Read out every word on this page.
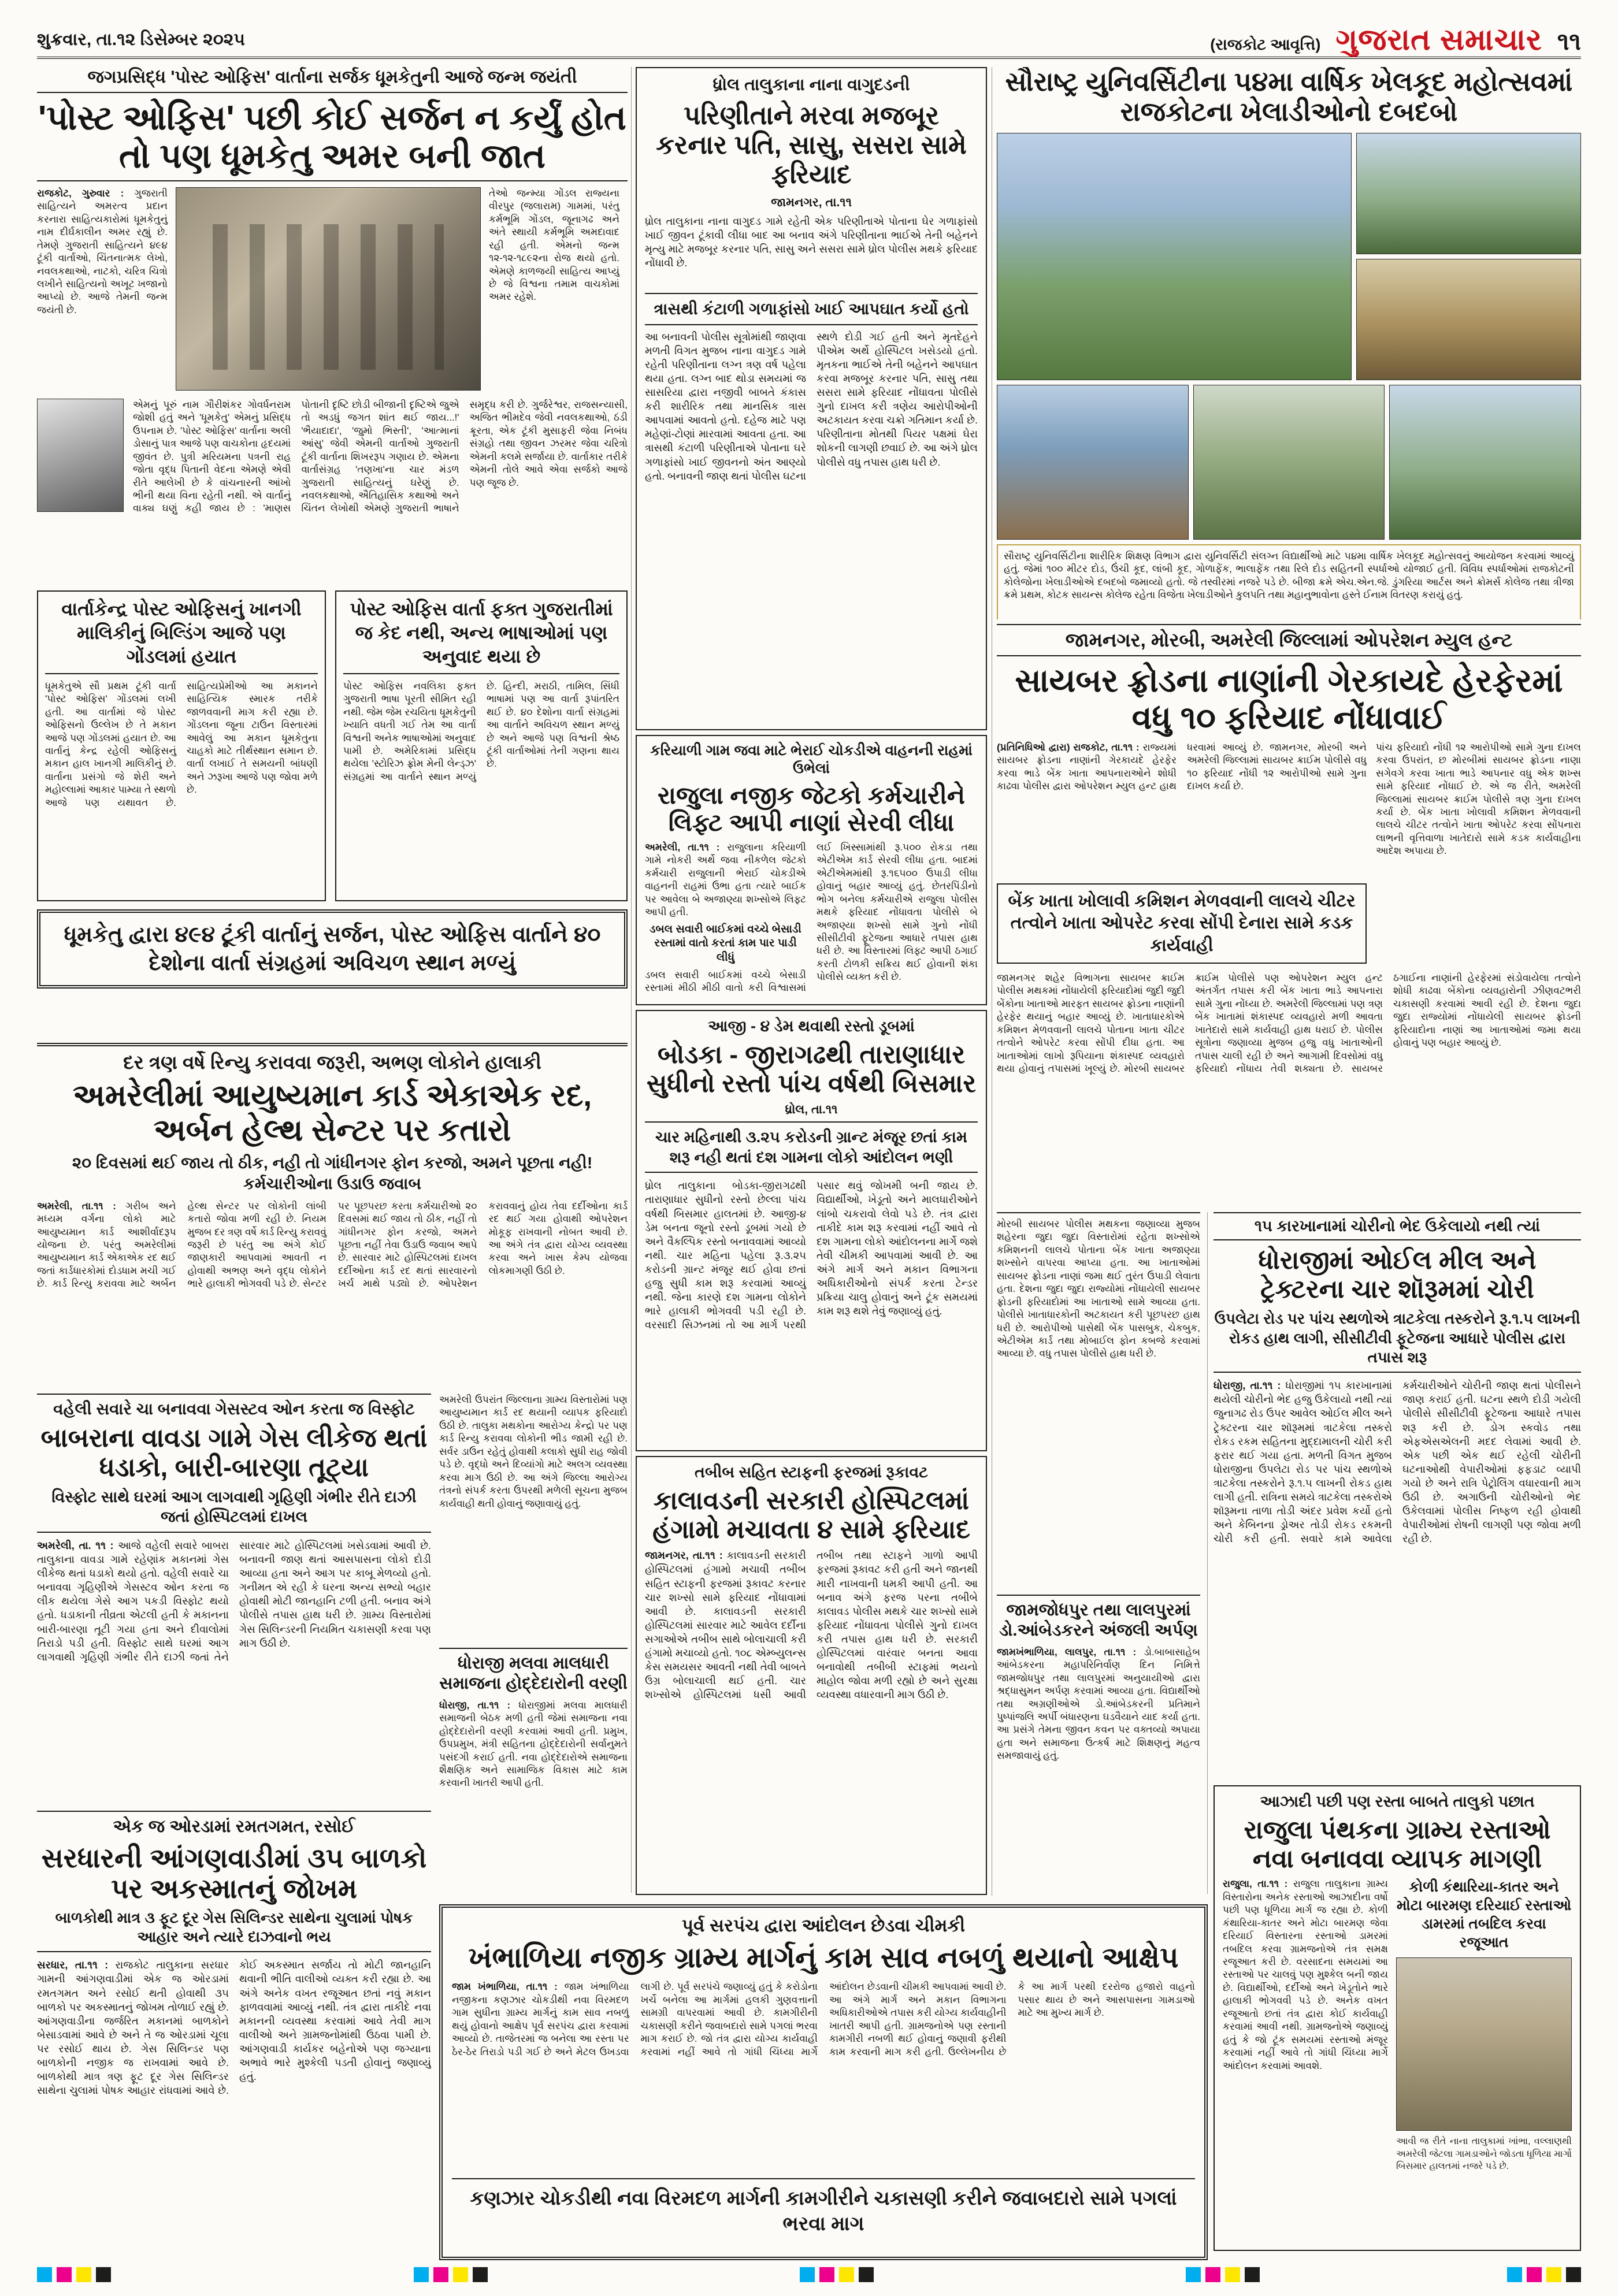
શુક્રવાર, તા.૧૨ ડિસેમ્બર ૨૦૨૫	(રાજકોટ આવૃત્તિ) ગુજરાત સમાચાર ૧૧
જગપ્રસિદ્ધ 'પોસ્ટ ઓફિસ' વાર્તાના સર્જક ધૂમકેતુની આજે જન્મ જયંતી
'પોસ્ટ ઓફિસ' પછી કોઈ સર્જન ન કર્યું હોત તો પણ ધૂમકેતુ અમર બની જાત
રાજકોટ, ગુરુવાર : ગુજરાતી સાહિત્યને અમરત્વ પ્રદાન કરનારા સાહિત્યકારોમાં ધૂમકેતુનું નામ દીર્ઘકાલીન અમર રહ્યું છે. તેમણે ગુજરાતી સાહિત્યને ૪૯૪ ટૂંકી વાર્તાઓ, ચિંતનાત્મક લેખો, નવલકથાઓ, નાટકો, ચરિત્ર ચિત્રો લખીને સાહિત્યનો અખૂટ ખજાનો આપ્યો છે. આજે તેમની જન્મ જયંતી છે.
તેઓ જન્મ્યા ગોંડલ રાજ્યના વીરપુર (જલારામ) ગામમાં, પરંતુ કર્મભૂમિ ગોંડલ, જૂનાગઢ અને અંતે સ્થાયી કર્મભૂમિ અમદાવાદ રહી હતી. એમનો જન્મ ૧૨-૧૨-૧૮૯૨ના રોજ થયો હતો. એમણે કાળજયી સાહિત્ય આપ્યું છે જે વિશ્વના તમામ વાચકોમાં અમર રહેશે.
એમનું પૂરું નામ ગૌરીશંકર ગોવર્ધનરામ જોશી હતું અને 'ધૂમકેતુ' એમનું પ્રસિદ્ધ ઉપનામ છે. 'પોસ્ટ ઓફિસ' વાર્તાના અલી ડોસાનું પાત્ર આજે પણ વાચકોના હૃદયમાં જીવંત છે. પુત્રી મરિયમના પત્રની રાહ જોતા વૃદ્ધ પિતાની વેદના એમણે એવી રીતે આલેખી છે કે વાંચનારની આંખો ભીની થયા વિના રહેતી નથી. એ વાર્તાનું વાક્ય ઘણું કહી જાય છે : 'માણસ પોતાની દૃષ્ટિ છોડી બીજાની દૃષ્ટિએ જુએ તો અડધું જગત શાંત થઈ જાય...!' 'ભૈયાદાદા', 'જુમો ભિસ્તી', 'આત્માનાં આંસુ' જેવી એમની વાર્તાઓ ગુજરાતી ટૂંકી વાર્તાના શિખરરૂપ ગણાય છે. એમના વાર્તાસંગ્રહ 'તણખા'ના ચાર મંડળ ગુજરાતી સાહિત્યનું ઘરેણું છે. નવલકથાઓ, ઐતિહાસિક કથાઓ અને ચિંતન લેખોથી એમણે ગુજરાતી ભાષાને સમૃદ્ધ કરી છે. ગુર્જરેશ્વર, રાજસન્યાસી, અજિત ભીમદેવ જેવી નવલકથાઓ, ઠંડી ક્રૂરતા, એક ટૂંકી મુસાફરી જેવા નિબંધ સંગ્રહો તથા જીવન ઝરમર જેવા ચરિત્રો એમની કલમે સર્જાયા છે. વાર્તાકાર તરીકે એમની તોલે આવે એવા સર્જકો આજે પણ જૂજ છે.
વાર્તાકેન્દ્ર પોસ્ટ ઓફિસનું ખાનગી માલિકીનું બિલ્ડિંગ આજે પણ ગોંડલમાં હયાત
ધૂમકેતુએ સૌ પ્રથમ ટૂંકી વાર્તા 'પોસ્ટ ઓફિસ' ગોંડલમાં લખી હતી. આ વાર્તામાં જે પોસ્ટ ઓફિસનો ઉલ્લેખ છે તે મકાન આજે પણ ગોંડલમાં હયાત છે. આ વાર્તાનું કેન્દ્ર રહેલી ઓફિસનું મકાન હાલ ખાનગી માલિકીનું છે. વાર્તાના પ્રસંગો જે શેરી અને મહોલ્લામાં આકાર પામ્યા તે સ્થળો આજે પણ યથાવત છે. સાહિત્યપ્રેમીઓ આ મકાનને સાહિત્યિક સ્મારક તરીકે જાળવવાની માગ કરી રહ્યા છે. ગોંડલના જૂના ટાઉન વિસ્તારમાં આવેલું આ મકાન ધૂમકેતુના ચાહકો માટે તીર્થસ્થાન સમાન છે. વાર્તા લખાઈ તે સમયની બાંધણી અને ઝરૂખા આજે પણ જોવા મળે છે.
પોસ્ટ ઓફિસ વાર્તા ફક્ત ગુજરાતીમાં જ કેદ નથી, અન્ય ભાષાઓમાં પણ અનુવાદ થયા છે
પોસ્ટ ઓફિસ નવલિકા ફક્ત ગુજરાતી ભાષા પૂરતી સીમિત રહી નથી. જેમ જેમ રચયિતા ધૂમકેતુની ખ્યાતિ વધતી ગઈ તેમ આ વાર્તા વિશ્વની અનેક ભાષાઓમાં અનુવાદ પામી છે. અમેરિકામાં પ્રસિદ્ધ થયેલા 'સ્ટોરિઝ ફ્રોમ મેની લેન્ડ્ઝ' સંગ્રહમાં આ વાર્તાને સ્થાન મળ્યું છે. હિન્દી, મરાઠી, તામિલ, સિંધી ભાષામાં પણ આ વાર્તા રૂપાંતરિત થઈ છે. ૪૦ દેશોના વાર્તા સંગ્રહમાં આ વાર્તાને અવિચળ સ્થાન મળ્યું છે અને આજે પણ વિશ્વની શ્રેષ્ઠ ટૂંકી વાર્તાઓમાં તેની ગણના થાય છે.
ધૂમકેતુ દ્વારા ૪૯૪ ટૂંકી વાર્તાનું સર્જન, પોસ્ટ ઓફિસ વાર્તાને ૪૦ દેશોના વાર્તા સંગ્રહમાં અવિચળ સ્થાન મળ્યું
દર ત્રણ વર્ષે રિન્યુ કરાવવા જરૂરી, અભણ લોકોને હાલાકી
અમરેલીમાં આયુષ્યમાન કાર્ડ એકાએક રદ, અર્બન હેલ્થ સેન્ટર પર કતારો
૨૦ દિવસમાં થઈ જાય તો ઠીક, નહી તો ગાંધીનગર ફોન કરજો, અમને પૂછતા નહી! કર્મચારીઓના ઉડાઉ જવાબ
અમરેલી, તા.૧૧ : ગરીબ અને મધ્યમ વર્ગના લોકો માટે આયુષ્યમાન કાર્ડ આશીર્વાદરૂપ યોજના છે. પરંતુ અમરેલીમાં આયુષ્યમાન કાર્ડ એકાએક રદ થઈ જતાં કાર્ડધારકોમાં દોડધામ મચી ગઈ છે. કાર્ડ રિન્યુ કરાવવા માટે અર્બન હેલ્થ સેન્ટર પર લોકોની લાંબી કતારો જોવા મળી રહી છે. નિયમ મુજબ દર ત્રણ વર્ષે કાર્ડ રિન્યુ કરાવવું જરૂરી છે પરંતુ આ અંગે કોઈ જાણકારી આપવામાં આવતી ન હોવાથી અભણ અને વૃદ્ધ લોકોને ભારે હાલાકી ભોગવવી પડે છે. સેન્ટર પર પૂછપરછ કરતા કર્મચારીઓ ૨૦ દિવસમાં થઈ જાય તો ઠીક, નહીં તો ગાંધીનગર ફોન કરજો, અમને પૂછતા નહીં તેવા ઉડાઉ જવાબ આપે છે. સારવાર માટે હોસ્પિટલમાં દાખલ દર્દીઓના કાર્ડ રદ થતાં સારવારનો ખર્ચ માથે પડ્યો છે. ઓપરેશન કરાવવાનું હોય તેવા દર્દીઓના કાર્ડ રદ થઈ ગયા હોવાથી ઓપરેશન મોકૂફ રાખવાની નોબત આવી છે. આ અંગે તંત્ર દ્વારા યોગ્ય વ્યવસ્થા કરવા અને ખાસ કેમ્પ યોજવા લોકમાગણી ઉઠી છે.
વહેલી સવારે ચા બનાવવા ગેસસ્ટવ ઓન કરતા જ વિસ્ફોટ
બાબરાના વાવડા ગામે ગેસ લીકેજ થતાં ધડાકો, બારી-બારણા તૂટ્યા
વિસ્ફોટ સાથે ઘરમાં આગ લાગવાથી ગૃહિણી ગંભીર રીતે દાઝી જતાં હોસ્પિટલમાં દાખલ
અમરેલી, તા. ૧૧ : આજે વહેલી સવારે બાબરા તાલુકાના વાવડા ગામે રહેણાંક મકાનમાં ગેસ લીકેજ થતાં ધડાકો થયો હતો. વહેલી સવારે ચા બનાવવા ગૃહિણીએ ગેસસ્ટવ ઓન કરતા જ લીક થયેલા ગેસે આગ પકડી વિસ્ફોટ થયો હતો. ધડાકાની તીવ્રતા એટલી હતી કે મકાનના બારી-બારણા તૂટી ગયા હતા અને દીવાલોમાં તિરાડો પડી હતી. વિસ્ફોટ સાથે ઘરમાં આગ લાગવાથી ગૃહિણી ગંભીર રીતે દાઝી જતાં તેને સારવાર માટે હોસ્પિટલમાં ખસેડવામાં આવી છે. બનાવની જાણ થતાં આસપાસના લોકો દોડી આવ્યા હતા અને આગ પર કાબૂ મેળવ્યો હતો. ગનીમત એ રહી કે ઘરના અન્ય સભ્યો બહાર હોવાથી મોટી જાનહાનિ ટળી હતી. બનાવ અંગે પોલીસે તપાસ હાથ ધરી છે. ગ્રામ્ય વિસ્તારોમાં ગેસ સિલિન્ડરની નિયમિત ચકાસણી કરવા પણ માગ ઉઠી છે.
અમરેલી ઉપરાંત જિલ્લાના ગ્રામ્ય વિસ્તારોમાં પણ આયુષ્યમાન કાર્ડ રદ થયાની વ્યાપક ફરિયાદો ઉઠી છે. તાલુકા મથકોના આરોગ્ય કેન્દ્રો પર પણ કાર્ડ રિન્યુ કરાવવા લોકોની ભીડ જામી રહી છે. સર્વર ડાઉન રહેતું હોવાથી કલાકો સુધી રાહ જોવી પડે છે. વૃદ્ધો અને દિવ્યાંગો માટે અલગ વ્યવસ્થા કરવા માગ ઉઠી છે. આ અંગે જિલ્લા આરોગ્ય તંત્રનો સંપર્ક કરતા ઉપરથી મળેલી સૂચના મુજબ કાર્યવાહી થતી હોવાનું જણાવાયું હતું.
ધોરાજી મલવા માલધારી સમાજના હોદ્દેદારોની વરણી
ધોરાજી, તા.૧૧ : ધોરાજીમાં મલવા માલધારી સમાજની બેઠક મળી હતી જેમાં સમાજના નવા હોદ્દેદારોની વરણી કરવામાં આવી હતી. પ્રમુખ, ઉપપ્રમુખ, મંત્રી સહિતના હોદ્દેદારોની સર્વાનુમતે પસંદગી કરાઈ હતી. નવા હોદ્દેદારોએ સમાજના શૈક્ષણિક અને સામાજિક વિકાસ માટે કામ કરવાની ખાતરી આપી હતી.
એક જ ઓરડામાં રમતગમત, રસોઈ
સરધારની આંગણવાડીમાં ૩૫ બાળકો પર અકસ્માતનું જોખમ
બાળકોથી માત્ર ૩ ફૂટ દૂર ગેસ સિલિન્ડર સાથેના ચુલામાં પોષક આહાર અને ત્યારે દાઝવાનો ભય
સરધાર, તા.૧૧ : રાજકોટ તાલુકાના સરધાર ગામની આંગણવાડીમાં એક જ ઓરડામાં રમતગમત અને રસોઈ થતી હોવાથી ૩૫ બાળકો પર અકસ્માતનું જોખમ તોળાઈ રહ્યું છે. આંગણવાડીના જર્જરિત મકાનમાં બાળકોને બેસાડવામાં આવે છે અને તે જ ઓરડામાં ચૂલા પર રસોઈ થાય છે. ગેસ સિલિન્ડર પણ બાળકોની નજીક જ રાખવામાં આવે છે. બાળકોથી માત્ર ત્રણ ફૂટ દૂર ગેસ સિલિન્ડર સાથેના ચુલામાં પોષક આહાર રાંધવામાં આવે છે. કોઈ અકસ્માત સર્જાય તો મોટી જાનહાનિ થવાની ભીતિ વાલીઓ વ્યક્ત કરી રહ્યા છે. આ અંગે અનેક વખત રજૂઆત છતાં નવું મકાન ફાળવવામાં આવ્યું નથી. તંત્ર દ્વારા તાકીદે નવા મકાનની વ્યવસ્થા કરવામાં આવે તેવી માગ વાલીઓ અને ગ્રામજનોમાંથી ઉઠવા પામી છે. આંગણવાડી કાર્યકર બહેનોએ પણ જગ્યાના અભાવે ભારે મુશ્કેલી પડતી હોવાનું જણાવ્યું હતું.
ધ્રોલ તાલુકાના નાના વાગુદડની
પરિણીતાને મરવા મજબૂર કરનાર પતિ, સાસુ, સસરા સામે ફરિયાદ
જામનગર, તા.૧૧
ધ્રોલ તાલુકાના નાના વાગુદડ ગામે રહેતી એક પરિણીતાએ પોતાના ઘેર ગળાફાંસો ખાઈ જીવન ટૂંકાવી લીધા બાદ આ બનાવ અંગે પરિણીતાના ભાઈએ તેની બહેનને મૃત્યુ માટે મજબૂર કરનાર પતિ, સાસુ અને સસરા સામે ધ્રોલ પોલીસ મથકે ફરિયાદ નોંધાવી છે.
ત્રાસથી કંટાળી ગળાફાંસો ખાઈ આપઘાત કર્યો હતો
આ બનાવની પોલીસ સૂત્રોમાંથી જાણવા મળતી વિગત મુજબ નાના વાગુદડ ગામે રહેતી પરિણીતાના લગ્ન ત્રણ વર્ષ પહેલા થયા હતા. લગ્ન બાદ થોડા સમયમાં જ સાસરિયા દ્વારા નજીવી બાબતે કંકાસ કરી શારીરિક તથા માનસિક ત્રાસ આપવામાં આવતો હતો. દહેજ માટે પણ મહેણાં-ટોણાં મારવામાં આવતા હતા. આ ત્રાસથી કંટાળી પરિણીતાએ પોતાના ઘરે ગળાફાંસો ખાઈ જીવનનો અંત આણ્યો હતો. બનાવની જાણ થતાં પોલીસ ઘટના સ્થળે દોડી ગઈ હતી અને મૃતદેહને પીએમ અર્થે હોસ્પિટલ ખસેડયો હતો. મૃતકના ભાઈએ તેની બહેનને આપઘાત કરવા મજબૂર કરનાર પતિ, સાસુ તથા સસરા સામે ફરિયાદ નોંધાવતા પોલીસે ગુનો દાખલ કરી ત્રણેય આરોપીઓની અટકાયત કરવા ચક્રો ગતિમાન કર્યા છે. પરિણીતાના મોતથી પિયર પક્ષમાં ઘેરા શોકની લાગણી છવાઈ છે. આ અંગે ધ્રોલ પોલીસે વધુ તપાસ હાથ ધરી છે.
કરિયાળી ગામ જવા માટે ભેરાઈ ચોકડીએ વાહનની રાહમાં ઉભેલાં
રાજુલા નજીક જેટકો કર્મચારીને લિફ્ટ આપી નાણાં સેરવી લીધા
અમરેલી, તા.૧૧ : રાજુલાના કરિયાળી ગામે નોકરી અર્થે જવા નીકળેલ જેટકો કર્મચારી રાજુલાની ભેરાઈ ચોકડીએ વાહનની રાહમાં ઉભા હતા ત્યારે બાઈક પર આવેલા બે અજાણ્યા શખ્સોએ લિફ્ટ આપી હતી.
ડબલ સવારી બાઈકમાં વચ્ચે બેસાડી રસ્તામાં વાતો કરતાં કામ પાર પાડી લીધું
ડબલ સવારી બાઈકમાં વચ્ચે બેસાડી રસ્તામાં મીઠી મીઠી વાતો કરી વિશ્વાસમાં લઈ ખિસ્સામાંથી રૂ.૫૦૦ રોકડા તથા એટીએમ કાર્ડ સેરવી લીધા હતા. બાદમાં એટીએમમાંથી રૂ.૧૬૫૦૦ ઉપાડી લીધા હોવાનું બહાર આવ્યું હતું. છેતરપિંડીનો ભોગ બનેલા કર્મચારીએ રાજુલા પોલીસ મથકે ફરિયાદ નોંધાવતા પોલીસે બે અજાણ્યા શખ્સો સામે ગુનો નોંધી સીસીટીવી ફૂટેજના આધારે તપાસ હાથ ધરી છે. આ વિસ્તારમાં લિફ્ટ આપી ઠગાઈ કરતી ટોળકી સક્રિય થઈ હોવાની શંકા પોલીસે વ્યક્ત કરી છે.
આજી - ૪ ડેમ થવાથી રસ્તો ડૂબમાં
બોડકા - જીરાગઢથી તારાણાધાર સુધીનો રસ્તો પાંચ વર્ષથી બિસમાર
ધ્રોલ, તા.૧૧
ચાર મહિનાથી ૩.૨૫ કરોડની ગ્રાન્ટ મંજૂર છતાં કામ શરૂ નહી થતાં દશ ગામના લોકો આંદોલન ભણી
ધ્રોલ તાલુકાના બોડકા-જીરાગઢથી તારાણાધાર સુધીનો રસ્તો છેલ્લા પાંચ વર્ષથી બિસમાર હાલતમાં છે. આજી-૪ ડેમ બનતા જૂનો રસ્તો ડૂબમાં ગયો છે અને વૈકલ્પિક રસ્તો બનાવવામાં આવ્યો નથી. ચાર મહિના પહેલા રૂ.૩.૨૫ કરોડની ગ્રાન્ટ મંજૂર થઈ હોવા છતાં હજુ સુધી કામ શરૂ કરવામાં આવ્યું નથી. જેના કારણે દશ ગામના લોકોને ભારે હાલાકી ભોગવવી પડી રહી છે. વરસાદી સિઝનમાં તો આ માર્ગ પરથી પસાર થવું જોખમી બની જાય છે. વિદ્યાર્થીઓ, ખેડૂતો અને માલધારીઓને લાંબો ચકરાવો લેવો પડે છે. તંત્ર દ્વારા તાકીદે કામ શરૂ કરવામાં નહીં આવે તો દશ ગામના લોકો આંદોલનના માર્ગે જશે તેવી ચીમકી આપવામાં આવી છે. આ અંગે માર્ગ અને મકાન વિભાગના અધિકારીઓનો સંપર્ક કરતા ટેન્ડર પ્રક્રિયા ચાલુ હોવાનું અને ટૂંક સમયમાં કામ શરૂ થશે તેવું જણાવ્યું હતું.
તબીબ સહિત સ્ટાફની ફરજમાં રૂકાવટ
કાલાવડની સરકારી હોસ્પિટલમાં હંગામો મચાવતા ૪ સામે ફરિયાદ
જામનગર, તા.૧૧ : કાલાવડની સરકારી હોસ્પિટલમાં હંગામો મચાવી તબીબ સહિત સ્ટાફની ફરજમાં રૂકાવટ કરનાર ચાર શખ્સો સામે ફરિયાદ નોંધાવામાં આવી છે. કાલાવડની સરકારી હોસ્પિટલમાં સારવાર માટે આવેલ દર્દીના સગાઓએ તબીબ સાથે બોલાચાલી કરી હંગામો મચાવ્યો હતો. ૧૦૮ એમ્બ્યુલન્સ કેસ સમયસર આવતી નથી તેવી બાબતે ઉગ્ર બોલાચાલી થઈ હતી. ચાર શખ્સોએ હોસ્પિટલમાં ધસી આવી તબીબ તથા સ્ટાફને ગાળો આપી ફરજમાં રૂકાવટ કરી હતી અને જાનથી મારી નાખવાની ધમકી આપી હતી. આ બનાવ અંગે ફરજ પરના તબીબે કાલાવડ પોલીસ મથકે ચાર શખ્સો સામે ફરિયાદ નોંધાવતા પોલીસે ગુનો દાખલ કરી તપાસ હાથ ધરી છે. સરકારી હોસ્પિટલમાં વારંવાર બનતા આવા બનાવોથી તબીબી સ્ટાફમાં ભયનો માહોલ જોવા મળી રહ્યો છે અને સુરક્ષા વ્યવસ્થા વધારવાની માગ ઉઠી છે.
સૌરાષ્ટ્ર યુનિવર્સિટીના ૫૪મા વાર્ષિક ખેલકૂદ મહોત્સવમાં રાજકોટના ખેલાડીઓનો દબદબો
સૌરાષ્ટ્ર યુનિવર્સિટીના શારીરિક શિક્ષણ વિભાગ દ્વારા યુનિવર્સિટી સંલગ્ન વિદ્યાર્થીઓ માટે ૫૪મા વાર્ષિક ખેલકૂદ મહોત્સવનું આયોજન કરવામાં આવ્યું હતું. જેમાં ૧૦૦ મીટર દોડ, ઉંચી કૂદ, લાંબી કૂદ, ગોળાફેંક, ભાલાફેંક તથા રિલે દોડ સહિતની સ્પર્ધાઓ યોજાઈ હતી. વિવિધ સ્પર્ધાઓમાં રાજકોટની કોલેજોના ખેલાડીઓએ દબદબો જમાવ્યો હતો. જે તસ્વીરમાં નજરે પડે છે. બીજા ક્રમે એચ.એન.જે. ડુંગરિયા આર્ટસ અને ક્રોમર્સ કોલેજ તથા ત્રીજા ક્રમે પ્રથમ, કોટક સાયન્સ કોલેજ રહેતા વિજેતા ખેલાડીઓને કુલપતિ તથા મહાનુભાવોના હસ્તે ઈનામ વિતરણ કરાયું હતું.
જામનગર, મોરબી, અમરેલી જિલ્લામાં ઓપરેશન મ્યુલ હન્ટ
સાયબર ફ્રોડના નાણાંની ગેરકાયદે હેરફેરમાં વધુ ૧૦ ફરિયાદ નોંધાવાઈ
(પ્રતિનિધિઓ દ્વારા) રાજકોટ, તા.૧૧ : રાજ્યમાં સાયબર ફ્રોડના નાણાંની ગેરકાયદે હેરફેર કરવા ભાડે બેંક ખાતા આપનારાઓને શોધી કાઢવા પોલીસ દ્વારા ઓપરેશન મ્યુલ હન્ટ હાથ ધરવામાં આવ્યું છે. જામનગર, મોરબી અને અમરેલી જિલ્લામાં સાયબર ક્રાઈમ પોલીસે વધુ ૧૦ ફરિયાદ નોંધી ૧૨ આરોપીઓ સામે ગુના દાખલ કર્યા છે.
બેંક ખાતા ખોલાવી કમિશન મેળવવાની લાલચે ચીટર તત્વોને ખાતા ઓપરેટ કરવા સોંપી દેનારા સામે કડક કાર્યવાહી
પાંચ ફરિયાદો નોંધી ૧૨ આરોપીઓ સામે ગુના દાખલ કરવા ઉપરાંત, છ મોરબીમાં સાયબર ફ્રોડના નાણા સગેવગે કરવા ખાતા ભાડે આપનાર વધુ એક શખ્સ સામે ફરિયાદ નોંધાઈ છે. એ જ રીતે, અમરેલી જિલ્લામાં સાયબર ક્રાઈમ પોલીસે ત્રણ ગુના દાખલ કર્યા છે. બેંક ખાતા ખોલાવી કમિશન મેળવવાની લાલચે ચીટર તત્વોને ખાતા ઓપરેટ કરવા સોંપનારા લાભની વૃત્તિવાળા ખાતેદારો સામે કડક કાર્યવાહીના આદેશ અપાયા છે.
જામનગર શહેર વિભાગના સાયબર ક્રાઈમ પોલીસ મથકમાં નોંધાયેલી ફરિયાદોમાં જુદી જુદી બેંકોના ખાતાઓ મારફત સાયબર ફ્રોડના નાણાંની હેરફેર થયાનું બહાર આવ્યું છે. ખાતાધારકોએ કમિશન મેળવવાની લાલચે પોતાના ખાતા ચીટર તત્વોને ઓપરેટ કરવા સોંપી દીધા હતા. આ ખાતાઓમાં લાખો રૂપિયાના શંકાસ્પદ વ્યવહારો થયા હોવાનું તપાસમાં ખૂલ્યું છે. મોરબી સાયબર ક્રાઈમ પોલીસે પણ ઓપરેશન મ્યુલ હન્ટ અંતર્ગત તપાસ કરી બેંક ખાતા ભાડે આપનારા સામે ગુના નોંધ્યા છે. અમરેલી જિલ્લામાં પણ ત્રણ બેંક ખાતામાં શંકાસ્પદ વ્યવહારો મળી આવતા ખાતેદારો સામે કાર્યવાહી હાથ ધરાઈ છે. પોલીસ સૂત્રોના જણાવ્યા મુજબ હજુ વધુ ખાતાઓની તપાસ ચાલી રહી છે અને આગામી દિવસોમાં વધુ ફરિયાદો નોંધાય તેવી શક્યતા છે. સાયબર ઠગાઈના નાણાંની હેરફેરમાં સંડોવાયેલા તત્વોને શોધી કાઢવા બેંકોના વ્યવહારોની ઝીણવટભરી ચકાસણી કરવામાં આવી રહી છે. દેશના જુદા જુદા રાજ્યોમાં નોંધાયેલી સાયબર ફ્રોડની ફરિયાદોના નાણાં આ ખાતાઓમાં જમા થયા હોવાનું પણ બહાર આવ્યું છે.
૧૫ કારખાનામાં ચોરીનો ભેદ ઉકેલાયો નથી ત્યાં
ધોરાજીમાં ઓઈલ મીલ અને ટ્રેક્ટરના ચાર શૉરૂમમાં ચોરી
ઉપલેટા રોડ પર પાંચ સ્થળોએ ત્રાટકેલા તસ્કરોને રૂ.૧.૫ લાખની રોકડ હાથ લાગી, સીસીટીવી ફૂટેજના આધારે પોલીસ દ્વારા તપાસ શરૂ
ધોરાજી, તા.૧૧ : ધોરાજીમાં ૧૫ કારખાનામાં થયેલી ચોરીનો ભેદ હજુ ઉકેલાયો નથી ત્યાં જુનાગઢ રોડ ઉપર આવેલ ઓઈલ મીલ અને ટ્રેક્ટરના ચાર શૉરૂમમાં ત્રાટકેલા તસ્કરો રોકડ રકમ સહિતના મુદ્દામાલની ચોરી કરી ફરાર થઈ ગયા હતા. મળતી વિગત મુજબ ધોરાજીના ઉપલેટા રોડ પર પાંચ સ્થળોએ ત્રાટકેલા તસ્કરોને રૂ.૧.૫ લાખની રોકડ હાથ લાગી હતી. રાત્રિના સમયે ત્રાટકેલા તસ્કરોએ શૉરૂમના તાળા તોડી અંદર પ્રવેશ કર્યો હતો અને કેબિનના ડ્રોઅર તોડી રોકડ રકમની ચોરી કરી હતી. સવારે કામે આવેલા કર્મચારીઓને ચોરીની જાણ થતાં પોલીસને જાણ કરાઈ હતી. ઘટના સ્થળે દોડી ગયેલી પોલીસે સીસીટીવી ફૂટેજના આધારે તપાસ શરૂ કરી છે. ડોગ સ્કવોડ તથા એફએસએલની મદદ લેવામાં આવી છે. એક પછી એક થઈ રહેલી ચોરીની ઘટનાઓથી વેપારીઓમાં ફફડાટ વ્યાપી ગયો છે અને રાત્રિ પેટ્રોલિંગ વધારવાની માગ ઉઠી છે. અગાઉની ચોરીઓનો ભેદ ઉકેલવામાં પોલીસ નિષ્ફળ રહી હોવાથી વેપારીઓમાં રોષની લાગણી પણ જોવા મળી રહી છે.
મોરબી સાયબર પોલીસ મથકના જણાવ્યા મુજબ શહેરના જુદા જુદા વિસ્તારોમાં રહેતા શખ્સોએ કમિશનની લાલચે પોતાના બેંક ખાતા અજાણ્યા શખ્સોને વાપરવા આપ્યા હતા. આ ખાતાઓમાં સાયબર ફ્રોડના નાણાં જમા થઈ તુરંત ઉપાડી લેવાતા હતા. દેશના જુદા જુદા રાજ્યોમાં નોંધાયેલી સાયબર ફ્રોડની ફરિયાદોમાં આ ખાતાઓ સામે આવ્યા હતા. પોલીસે ખાતાધારકોની અટકાયત કરી પૂછપરછ હાથ ધરી છે. આરોપીઓ પાસેથી બેંક પાસબુક, ચેકબુક, એટીએમ કાર્ડ તથા મોબાઈલ ફોન કબજે કરવામાં આવ્યા છે. વધુ તપાસ પોલીસે હાથ ધરી છે.
જામજોધપુર તથા લાલપુરમાં ડો.આંબેડકરને અંજલી અર્પણ
જામખંભાળિયા, લાલપુર, તા.૧૧ : ડો.બાબાસાહેબ આંબેડકરના મહાપરિનિર્વાણ દિન નિમિત્તે જામજોધપુર તથા લાલપુરમાં અનુયાયીઓ દ્વારા શ્રદ્ધાસુમન અર્પણ કરવામાં આવ્યા હતા. વિદ્યાર્થીઓ તથા અગ્રણીઓએ ડો.આંબેડકરની પ્રતિમાને પુષ્પાંજલિ અર્પી બંધારણના ઘડવૈયાને યાદ કર્યા હતા. આ પ્રસંગે તેમના જીવન કવન પર વક્તવ્યો અપાયા હતા અને સમાજના ઉત્કર્ષ માટે શિક્ષણનું મહત્વ સમજાવાયું હતું.
આઝાદી પછી પણ રસ્તા બાબતે તાલુકો પછાત
રાજુલા પંથકના ગ્રામ્ય રસ્તાઓ નવા બનાવવા વ્યાપક માગણી
રાજુલા, તા.૧૧ : રાજુલા તાલુકાના ગ્રામ્ય વિસ્તારોના અનેક રસ્તાઓ આઝાદીના વર્ષો પછી પણ ધૂળિયા માર્ગ જ રહ્યા છે. કોળી કંથારિયા-કાતર અને મોટા બારમણ જેવા દરિયાઈ વિસ્તારના રસ્તાઓ ડામરમાં તબદિલ કરવા ગ્રામજનોએ તંત્ર સમક્ષ રજૂઆત કરી છે. વરસાદના સમયમાં આ રસ્તાઓ પર ચાલવું પણ મુશ્કેલ બની જાય છે. વિદ્યાર્થીઓ, દર્દીઓ અને ખેડૂતોને ભારે હાલાકી ભોગવવી પડે છે. અનેક વખત રજૂઆતો છતાં તંત્ર દ્વારા કોઈ કાર્યવાહી કરવામાં આવી નથી. ગ્રામજનોએ જણાવ્યું હતું કે જો ટૂંક સમયમાં રસ્તાઓ મંજૂર કરવામાં નહીં આવે તો ગાંધી ચિંધ્યા માર્ગે આંદોલન કરવામાં આવશે.
કોળી કંથારિયા-કાતર અને મોટા બારમણ દરિયાઈ રસ્તાઓ ડામરમાં તબદિલ કરવા રજૂઆત
આવી જ રીતે નાના તાલુકામાં ખાંભા, વલ્લાણથી અમરેલી જેટલા ગામડાઓને જોડતા ધૂળિયા માર્ગો બિસમાર હાલતમાં નજરે પડે છે.
પૂર્વ સરપંચ દ્વારા આંદોલન છેડવા ચીમકી
ખંભાળિયા નજીક ગ્રામ્ય માર્ગનું કામ સાવ નબળું થયાનો આક્ષેપ
જામ ખંભાળિયા, તા.૧૧ : જામ ખંભાળિયા નજીકના કણઝાર ચોકડીથી નવા વિરમદળ ગામ સુધીના ગ્રામ્ય માર્ગનું કામ સાવ નબળું થયું હોવાનો આક્ષેપ પૂર્વ સરપંચ દ્વારા કરવામાં આવ્યો છે. તાજેતરમાં જ બનેલા આ રસ્તા પર ઠેર-ઠેર તિરાડો પડી ગઈ છે અને મેટલ ઉખડવા લાગી છે. પૂર્વ સરપંચે જણાવ્યું હતું કે કરોડોના ખર્ચે બનેલા આ માર્ગમાં હલકી ગુણવત્તાની સામગ્રી વાપરવામાં આવી છે. કામગીરીની ચકાસણી કરીને જવાબદારો સામે પગલાં ભરવા માગ કરાઈ છે. જો તંત્ર દ્વારા યોગ્ય કાર્યવાહી કરવામાં નહીં આવે તો ગાંધી ચિંધ્યા માર્ગે આંદોલન છેડવાની ચીમકી આપવામાં આવી છે. આ અંગે માર્ગ અને મકાન વિભાગના અધિકારીઓએ તપાસ કરી યોગ્ય કાર્યવાહીની ખાતરી આપી હતી. ગ્રામજનોએ પણ રસ્તાની કામગીરી નબળી થઈ હોવાનું જણાવી ફરીથી કામ કરવાની માગ કરી હતી. ઉલ્લેખનીય છે કે આ માર્ગ પરથી દરરોજ હજારો વાહનો પસાર થાય છે અને આસપાસના ગામડાઓ માટે આ મુખ્ય માર્ગ છે.
કણઝાર ચોકડીથી નવા વિરમદળ માર્ગની કામગીરીને ચકાસણી કરીને જવાબદારો સામે પગલાં ભરવા માગ
